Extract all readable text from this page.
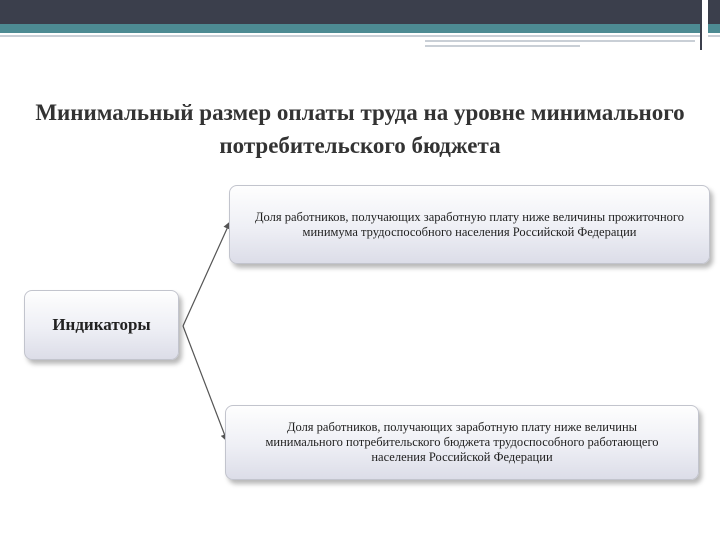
Минимальный размер оплаты труда на уровне минимального потребительского бюджета
Индикаторы
Доля работников, получающих заработную плату ниже величины прожиточного минимума трудоспособного населения Российской Федерации
Доля работников, получающих заработную плату ниже величины минимального потребительского бюджета трудоспособного работающего населения Российской Федерации
